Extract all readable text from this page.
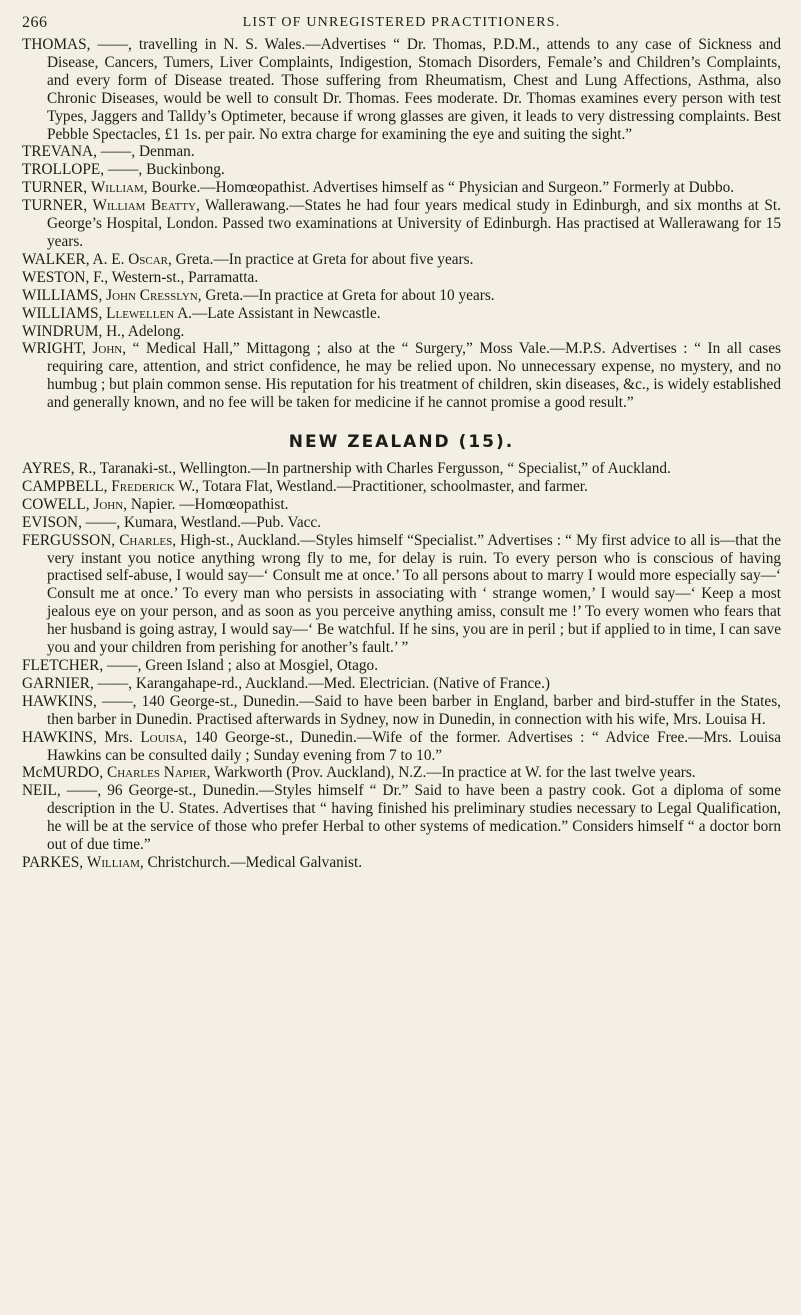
266	LIST OF UNREGISTERED PRACTITIONERS.

THOMAS, ——, travelling in N. S. Wales.—Advertises “ Dr. Thomas, P.D.M., attends to any case of Sickness and Disease, Cancers, Tumers, Liver Complaints, Indigestion, Stomach Disorders, Female’s and Children’s Complaints, and every form of Disease treated. Those suffering from Rheumatism, Chest and Lung Affections, Asthma, also Chronic Diseases, would be well to consult Dr. Thomas. Fees moderate. Dr. Thomas examines every person with test Types, Jaggers and Talldy’s Optimeter, because if wrong glasses are given, it leads to very distressing complaints. Best Pebble Spectacles, £1 1s. per pair. No extra charge for examining the eye and suiting the sight.”

TREVANA, ——, Denman.

TROLLOPE, ——, Buckinbong.

TURNER, William, Bourke.—Homœopathist. Advertises himself as “ Physician and Surgeon.” Formerly at Dubbo.

TURNER, William Beatty, Wallerawang.—States he had four years medical study in Edinburgh, and six months at St. George’s Hospital, London. Passed two examinations at University of Edinburgh. Has practised at Wallerawang for 15 years.

WALKER, A. E. Oscar, Greta.—In practice at Greta for about five years.

WESTON, F., Western-st., Parramatta.

WILLIAMS, John Cresslyn, Greta.—In practice at Greta for about 10 years.

WILLIAMS, Llewellen A.—Late Assistant in Newcastle.

WINDRUM, H., Adelong.

WRIGHT, John, “ Medical Hall,” Mittagong ; also at the “ Surgery,” Moss Vale.—M.P.S. Advertises : “ In all cases requiring care, attention, and strict confidence, he may be relied upon. No unnecessary expense, no mystery, and no humbug ; but plain common sense. His reputation for his treatment of children, skin diseases, &c., is widely established and generally known, and no fee will be taken for medicine if he cannot promise a good result.”

NEW ZEALAND (15).

AYRES, R., Taranaki-st., Wellington.—In partnership with Charles Fergusson, “ Specialist,” of Auckland.

CAMPBELL, Frederick W., Totara Flat, Westland.—Practitioner, schoolmaster, and farmer.

COWELL, John, Napier. —Homœopathist.

EVISON, ——, Kumara, Westland.—Pub. Vacc.

FERGUSSON, Charles, High-st., Auckland.—Styles himself “Specialist.” Advertises : “ My first advice to all is—that the very instant you notice anything wrong fly to me, for delay is ruin. To every person who is conscious of having practised self-abuse, I would say—‘ Consult me at once.’ To all persons about to marry I would more especially say—‘ Consult me at once.’ To every man who persists in associating with ‘ strange women,’ I would say—‘ Keep a most jealous eye on your person, and as soon as you perceive anything amiss, consult me !’ To every women who fears that her husband is going astray, I would say—‘ Be watchful. If he sins, you are in peril ; but if applied to in time, I can save you and your children from perishing for another’s fault.’ ”

FLETCHER, ——, Green Island ; also at Mosgiel, Otago.

GARNIER, ——, Karangahape-rd., Auckland.—Med. Electrician. (Native of France.)

HAWKINS, ——, 140 George-st., Dunedin.—Said to have been barber in England, barber and bird-stuffer in the States, then barber in Dunedin. Practised afterwards in Sydney, now in Dunedin, in connection with his wife, Mrs. Louisa H.

HAWKINS, Mrs. Louisa, 140 George-st., Dunedin.—Wife of the former. Advertises : “ Advice Free.—Mrs. Louisa Hawkins can be consulted daily ; Sunday evening from 7 to 10.”

McMURDO, Charles Napier, Warkworth (Prov. Auckland), N.Z.—In practice at W. for the last twelve years.

NEIL, ——, 96 George-st., Dunedin.—Styles himself “ Dr.” Said to have been a pastry cook. Got a diploma of some description in the U. States. Advertises that “ having finished his preliminary studies necessary to Legal Qualification, he will be at the service of those who prefer Herbal to other systems of medication.” Considers himself “ a doctor born out of due time.”

PARKES, William, Christchurch.—Medical Galvanist.
